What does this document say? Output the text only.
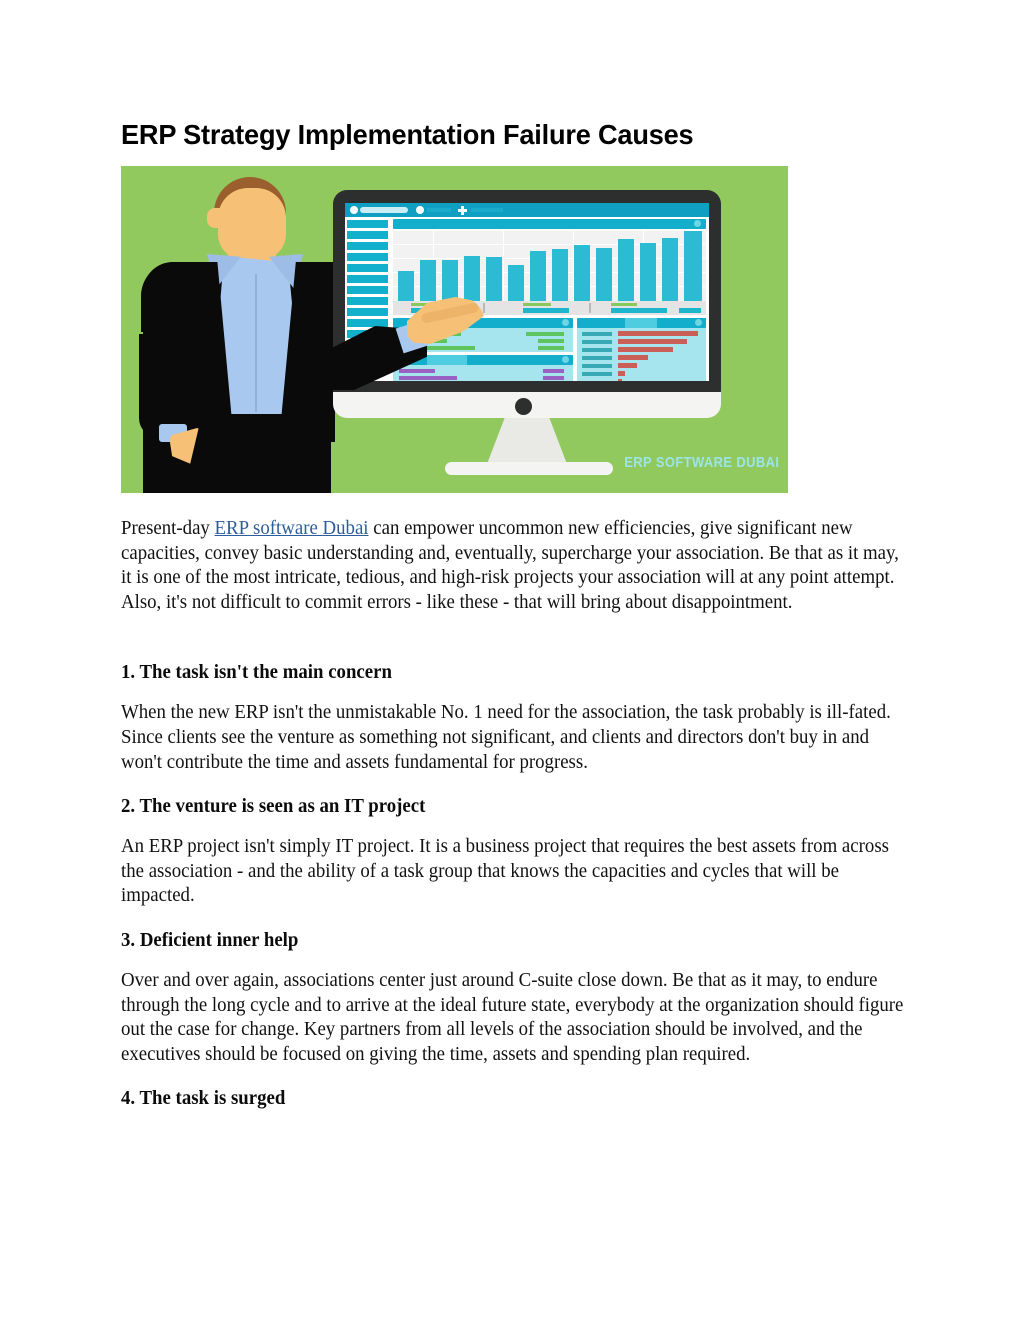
ERP Strategy Implementation Failure Causes
ERP SOFTWARE DUBAI

Present-day ERP software Dubai can empower uncommon new efficiencies, give significant new capacities, convey basic understanding and, eventually, supercharge your association. Be that as it may, it is one of the most intricate, tedious, and high-risk projects your association will at any point attempt. Also, it's not difficult to commit errors - like these - that will bring about disappointment.

1. The task isn't the main concern

When the new ERP isn't the unmistakable No. 1 need for the association, the task probably is ill-fated. Since clients see the venture as something not significant, and clients and directors don't buy in and won't contribute the time and assets fundamental for progress.

2. The venture is seen as an IT project

An ERP project isn't simply IT project. It is a business project that requires the best assets from across the association - and the ability of a task group that knows the capacities and cycles that will be impacted.

3. Deficient inner help

Over and over again, associations center just around C-suite close down. Be that as it may, to endure through the long cycle and to arrive at the ideal future state, everybody at the organization should figure out the case for change. Key partners from all levels of the association should be involved, and the executives should be focused on giving the time, assets and spending plan required.

4. The task is surged
